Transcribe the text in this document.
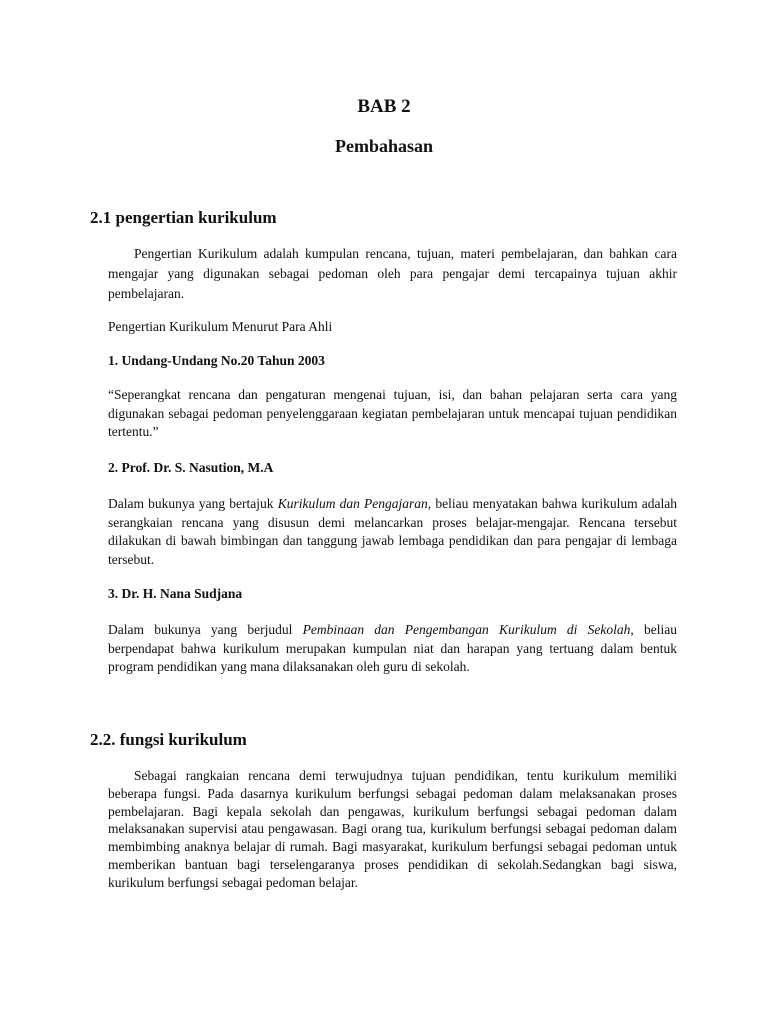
BAB 2
Pembahasan
2.1 pengertian kurikulum

Pengertian Kurikulum adalah kumpulan rencana, tujuan, materi pembelajaran, dan bahkan cara mengajar yang digunakan sebagai pedoman oleh para pengajar demi tercapainya tujuan akhir pembelajaran.

Pengertian Kurikulum Menurut Para Ahli
1. Undang-Undang No.20 Tahun 2003

“Seperangkat rencana dan pengaturan mengenai tujuan, isi, dan bahan pelajaran serta cara yang digunakan sebagai pedoman penyelenggaraan kegiatan pembelajaran untuk mencapai tujuan pendidikan tertentu.”

2. Prof. Dr. S. Nasution, M.A

Dalam bukunya yang bertajuk Kurikulum dan Pengajaran, beliau menyatakan bahwa kurikulum adalah serangkaian rencana yang disusun demi melancarkan proses belajar-mengajar. Rencana tersebut dilakukan di bawah bimbingan dan tanggung jawab lembaga pendidikan dan para pengajar di lembaga tersebut.

3. Dr. H. Nana Sudjana

Dalam bukunya yang berjudul Pembinaan dan Pengembangan Kurikulum di Sekolah, beliau berpendapat bahwa kurikulum merupakan kumpulan niat dan harapan yang tertuang dalam bentuk program pendidikan yang mana dilaksanakan oleh guru di sekolah.

2.2. fungsi kurikulum

Sebagai rangkaian rencana demi terwujudnya tujuan pendidikan, tentu kurikulum memiliki beberapa fungsi. Pada dasarnya kurikulum berfungsi sebagai pedoman dalam melaksanakan proses pembelajaran. Bagi kepala sekolah dan pengawas, kurikulum berfungsi sebagai pedoman dalam melaksanakan supervisi atau pengawasan. Bagi orang tua, kurikulum berfungsi sebagai pedoman dalam membimbing anaknya belajar di rumah. Bagi masyarakat, kurikulum berfungsi sebagai pedoman untuk memberikan bantuan bagi terselengaranya proses pendidikan di sekolah.Sedangkan bagi siswa, kurikulum berfungsi sebagai pedoman belajar.
